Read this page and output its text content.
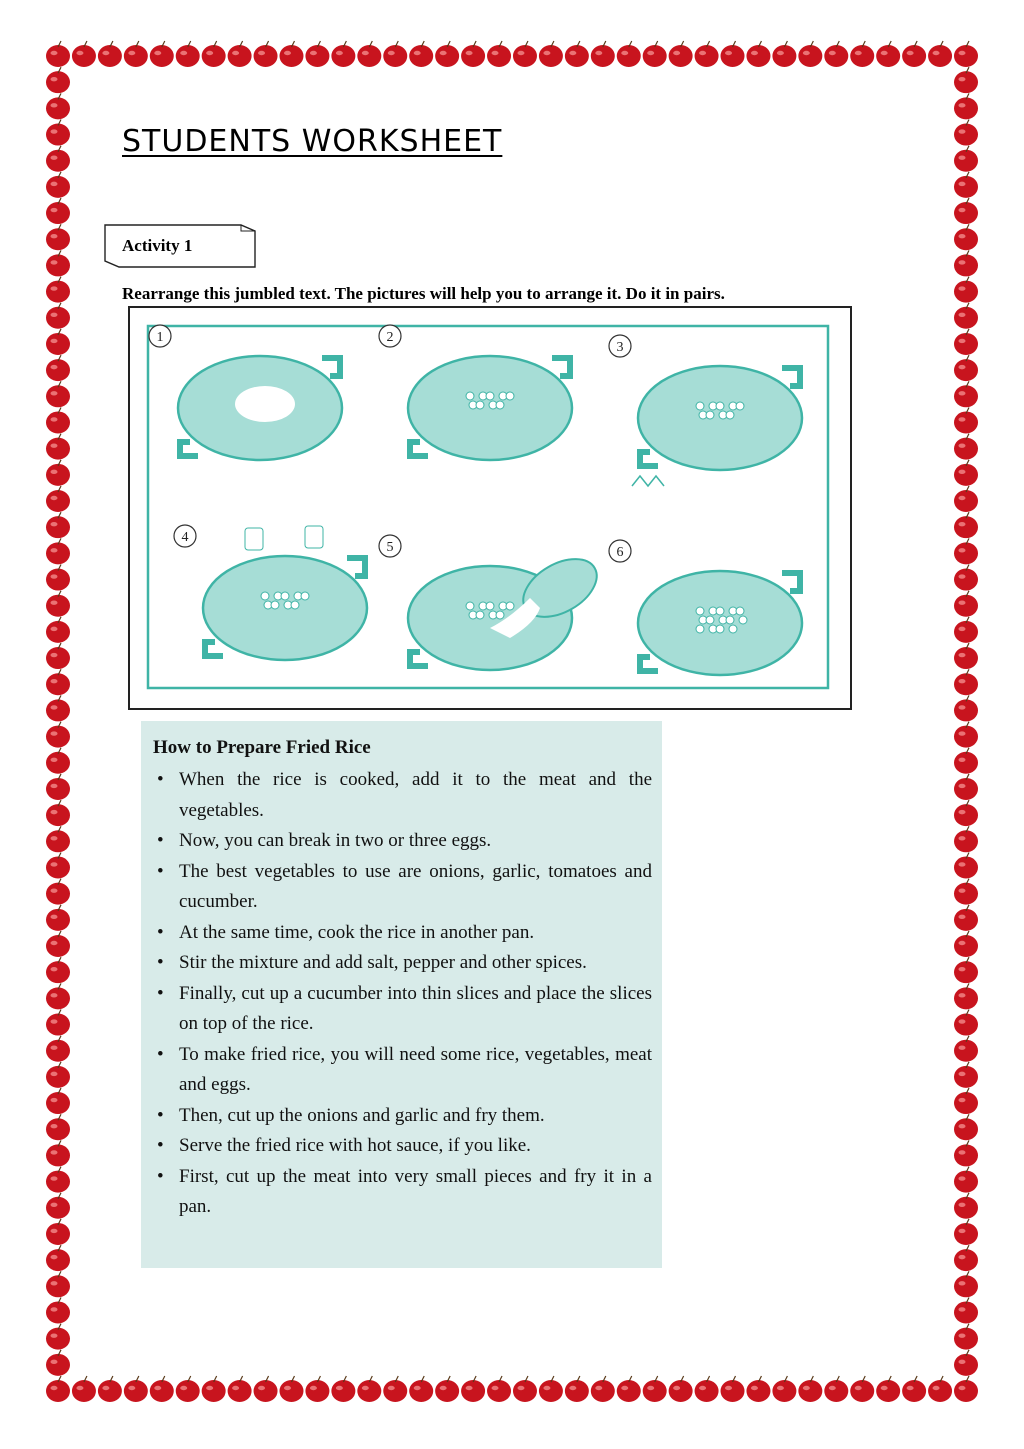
STUDENTS WORKSHEET
Activity 1
Rearrange this jumbled text. The pictures will help you to arrange it. Do it in pairs.
1	2
3
4
5	6
How to Prepare Fried Rice
• When the rice is cooked, add it to the meat and the vegetables.
• Now, you can break in two or three eggs.
• The best vegetables to use are onions, garlic, tomatoes and cucumber.
• At the same time, cook the rice in another pan.
• Stir the mixture and add salt, pepper and other spices.
• Finally, cut up a cucumber into thin slices and place the slices on top of the rice.
• To make fried rice, you will need some rice, vegetables, meat and eggs.
• Then, cut up the onions and garlic and fry them.
• Serve the fried rice with hot sauce, if you like.
• First, cut up the meat into very small pieces and fry it in a pan.
